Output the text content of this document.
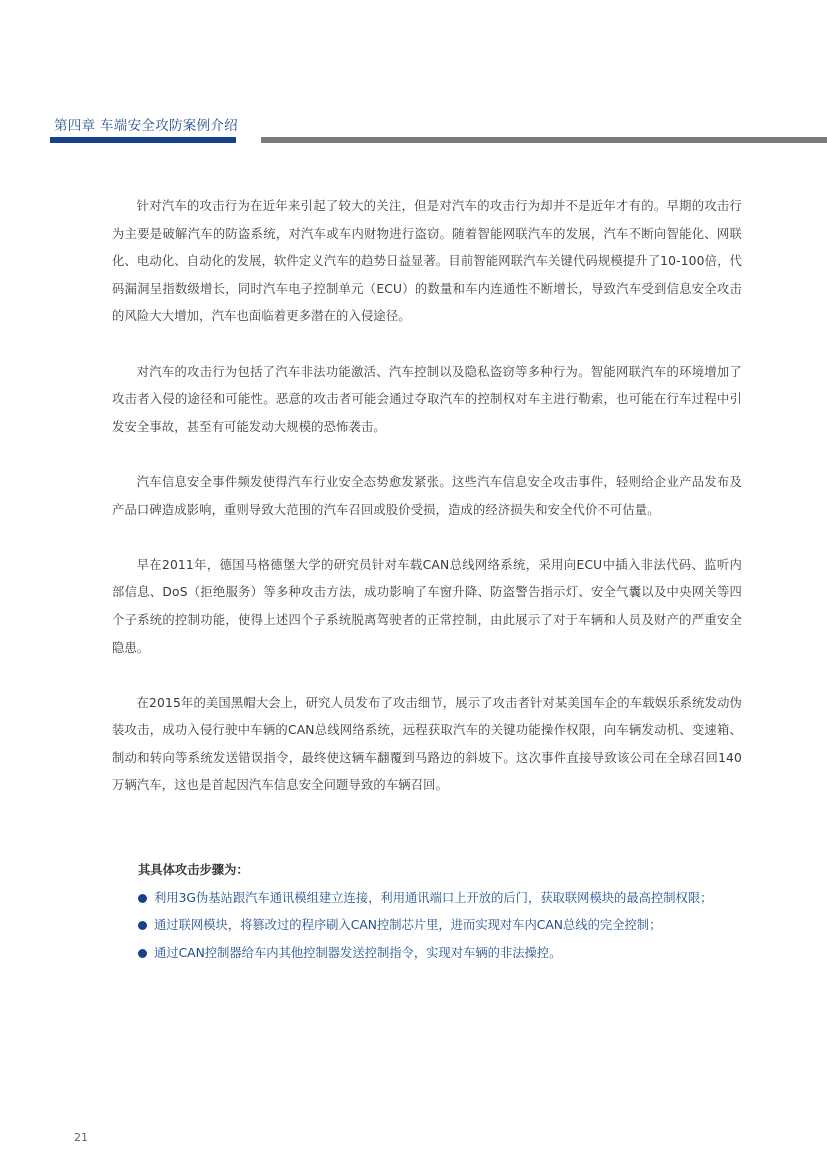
第四章 车端安全攻防案例介绍

针对汽车的攻击行为在近年来引起了较大的关注，但是对汽车的攻击行为却并不是近年才有的。早期的攻击行为主要是破解汽车的防盗系统，对汽车或车内财物进行盗窃。随着智能网联汽车的发展，汽车不断向智能化、网联化、电动化、自动化的发展，软件定义汽车的趋势日益显著。目前智能网联汽车关键代码规模提升了10-100倍，代码漏洞呈指数级增长，同时汽车电子控制单元（ECU）的数量和车内连通性不断增长，导致汽车受到信息安全攻击的风险大大增加，汽车也面临着更多潜在的入侵途径。

对汽车的攻击行为包括了汽车非法功能激活、汽车控制以及隐私盗窃等多种行为。智能网联汽车的环境增加了攻击者入侵的途径和可能性。恶意的攻击者可能会通过夺取汽车的控制权对车主进行勒索，也可能在行车过程中引发安全事故，甚至有可能发动大规模的恐怖袭击。

汽车信息安全事件频发使得汽车行业安全态势愈发紧张。这些汽车信息安全攻击事件，轻则给企业产品发布及产品口碑造成影响，重则导致大范围的汽车召回或股价受损，造成的经济损失和安全代价不可估量。

早在2011年，德国马格德堡大学的研究员针对车载CAN总线网络系统，采用向ECU中插入非法代码、监听内部信息、DoS（拒绝服务）等多种攻击方法，成功影响了车窗升降、防盗警告指示灯、安全气囊以及中央网关等四个子系统的控制功能，使得上述四个子系统脱离驾驶者的正常控制，由此展示了对于车辆和人员及财产的严重安全隐患。

在2015年的美国黑帽大会上，研究人员发布了攻击细节，展示了攻击者针对某美国车企的车载娱乐系统发动伪装攻击，成功入侵行驶中车辆的CAN总线网络系统，远程获取汽车的关键功能操作权限，向车辆发动机、变速箱、制动和转向等系统发送错误指令，最终使这辆车翻覆到马路边的斜坡下。这次事件直接导致该公司在全球召回140万辆汽车，这也是首起因汽车信息安全问题导致的车辆召回。

其具体攻击步骤为：
利用3G伪基站跟汽车通讯模组建立连接，利用通讯端口上开放的后门，获取联网模块的最高控制权限；
通过联网模块，将篡改过的程序刷入CAN控制芯片里，进而实现对车内CAN总线的完全控制；
通过CAN控制器给车内其他控制器发送控制指令，实现对车辆的非法操控。
21
